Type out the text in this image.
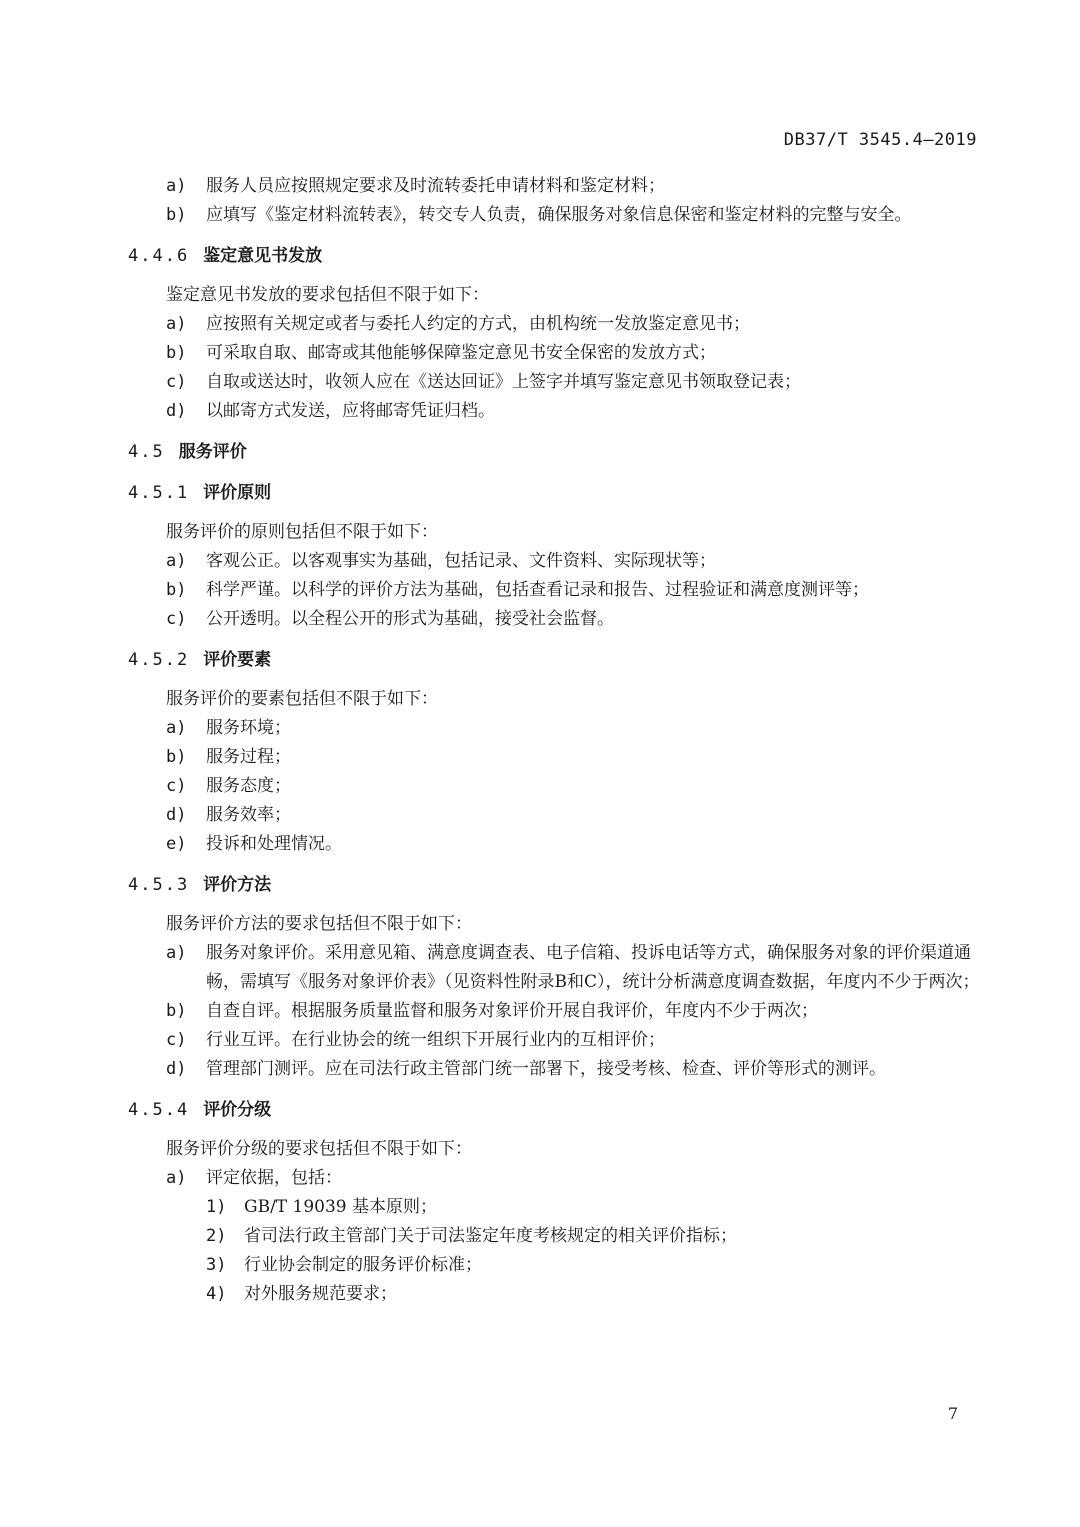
DB37/T 3545.4—2019
a)	服务人员应按照规定要求及时流转委托申请材料和鉴定材料；
b)	应填写《鉴定材料流转表》，转交专人负责，确保服务对象信息保密和鉴定材料的完整与安全。
4.4.6 鉴定意见书发放
鉴定意见书发放的要求包括但不限于如下：
a)	应按照有关规定或者与委托人约定的方式，由机构统一发放鉴定意见书；
b)	可采取自取、邮寄或其他能够保障鉴定意见书安全保密的发放方式；
c)	自取或送达时，收领人应在《送达回证》上签字并填写鉴定意见书领取登记表；
d)	以邮寄方式发送，应将邮寄凭证归档。
4.5 服务评价
4.5.1 评价原则
服务评价的原则包括但不限于如下：
a)	客观公正。以客观事实为基础，包括记录、文件资料、实际现状等；
b)	科学严谨。以科学的评价方法为基础，包括查看记录和报告、过程验证和满意度测评等；
c)	公开透明。以全程公开的形式为基础，接受社会监督。
4.5.2 评价要素
服务评价的要素包括但不限于如下：
a)	服务环境；
b)	服务过程；
c)	服务态度；
d)	服务效率；
e)	投诉和处理情况。
4.5.3 评价方法
服务评价方法的要求包括但不限于如下：
a)	服务对象评价。采用意见箱、满意度调查表、电子信箱、投诉电话等方式，确保服务对象的评价渠道通畅，需填写《服务对象评价表》（见资料性附录B和C），统计分析满意度调查数据，年度内不少于两次；
b)	自查自评。根据服务质量监督和服务对象评价开展自我评价，年度内不少于两次；
c)	行业互评。在行业协会的统一组织下开展行业内的互相评价；
d)	管理部门测评。应在司法行政主管部门统一部署下，接受考核、检查、评价等形式的测评。
4.5.4 评价分级
服务评价分级的要求包括但不限于如下：
a)	评定依据，包括：
1)	GB/T 19039 基本原则；
2)	省司法行政主管部门关于司法鉴定年度考核规定的相关评价指标；
3)	行业协会制定的服务评价标准；
4)	对外服务规范要求；
7
